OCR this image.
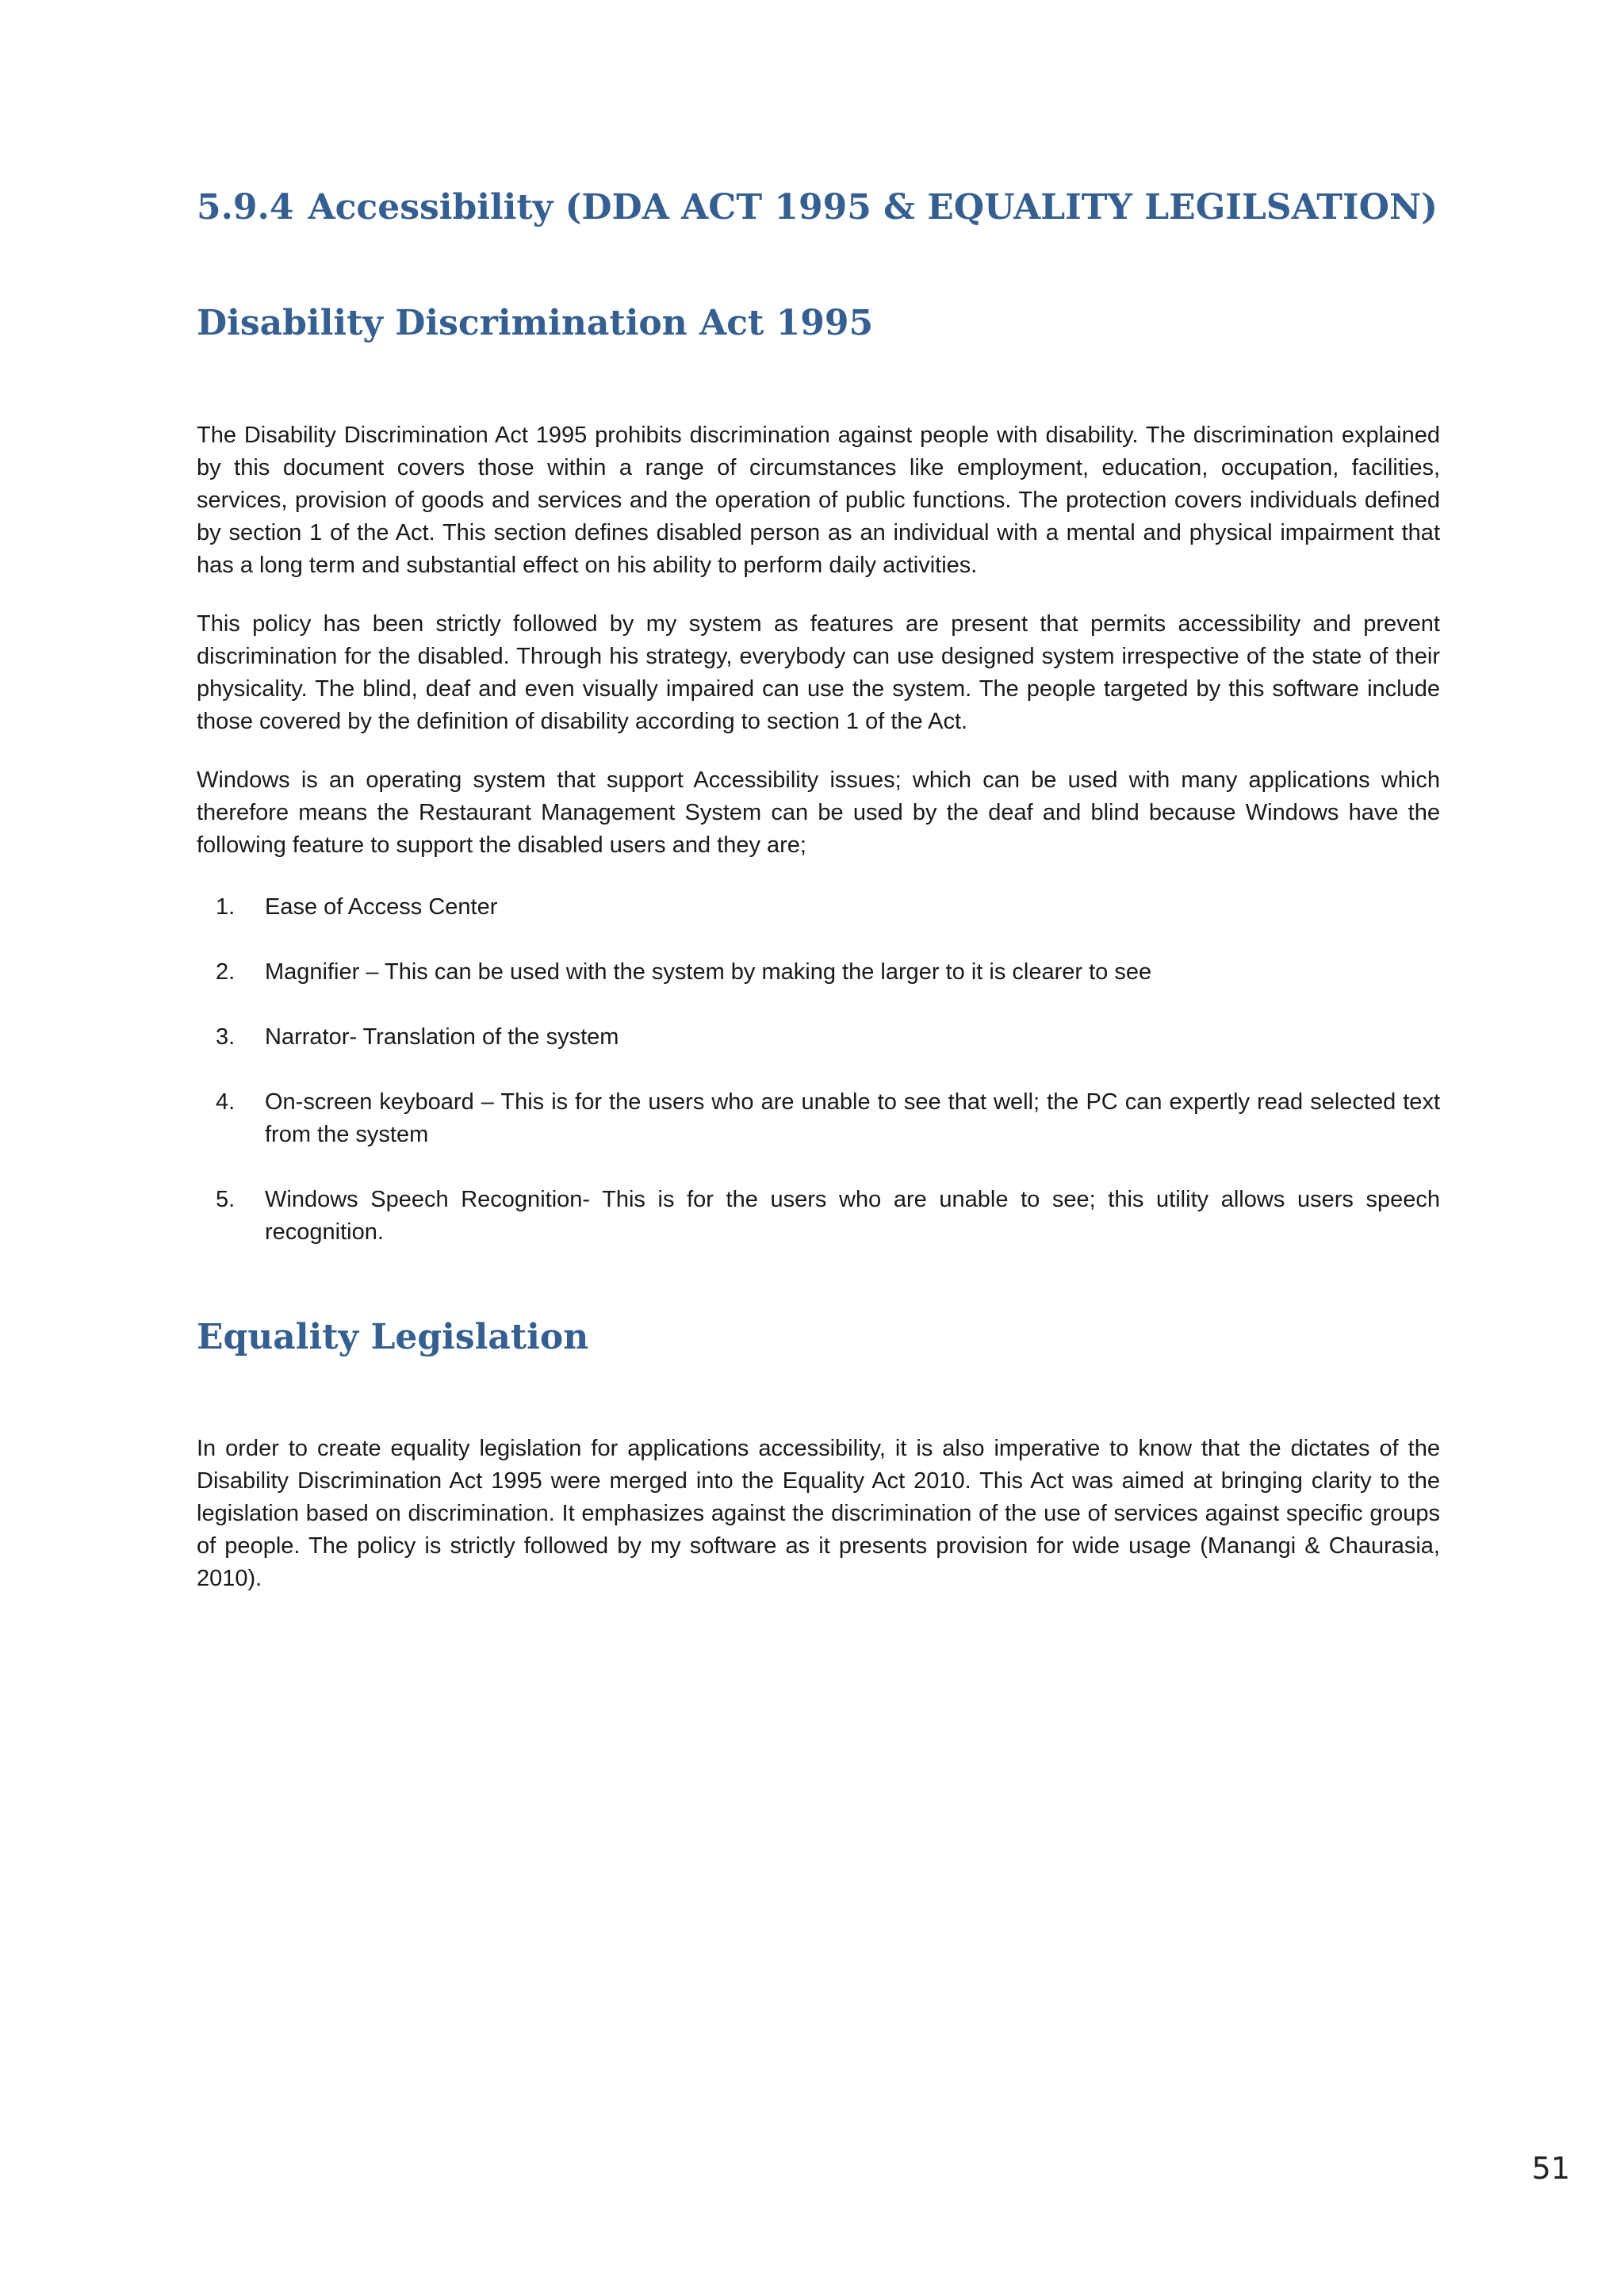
5.9.4 Accessibility (DDA ACT 1995 & EQUALITY LEGILSATION)
Disability Discrimination Act 1995

The Disability Discrimination Act 1995 prohibits discrimination against people with disability. The discrimination explained by this document covers those within a range of circumstances like employment, education, occupation, facilities, services, provision of goods and services and the operation of public functions. The protection covers individuals defined by section 1 of the Act. This section defines disabled person as an individual with a mental and physical impairment that has a long term and substantial effect on his ability to perform daily activities.

This policy has been strictly followed by my system as features are present that permits accessibility and prevent discrimination for the disabled. Through his strategy, everybody can use designed system irrespective of the state of their physicality. The blind, deaf and even visually impaired can use the system. The people targeted by this software include those covered by the definition of disability according to section 1 of the Act.

Windows is an operating system that support Accessibility issues; which can be used with many applications which therefore means the Restaurant Management System can be used by the deaf and blind because Windows have the following feature to support the disabled users and they are;

1.	Ease of Access Center
2.	Magnifier – This can be used with the system by making the larger to it is clearer to see
3.	Narrator- Translation of the system
4.	On-screen keyboard – This is for the users who are unable to see that well; the PC can expertly read selected text from the system
5.	Windows Speech Recognition- This is for the users who are unable to see; this utility allows users speech recognition.
Equality Legislation

In order to create equality legislation for applications accessibility, it is also imperative to know that the dictates of the Disability Discrimination Act 1995 were merged into the Equality Act 2010. This Act was aimed at bringing clarity to the legislation based on discrimination. It emphasizes against the discrimination of the use of services against specific groups of people. The policy is strictly followed by my software as it presents provision for wide usage (Manangi & Chaurasia, 2010).

51
